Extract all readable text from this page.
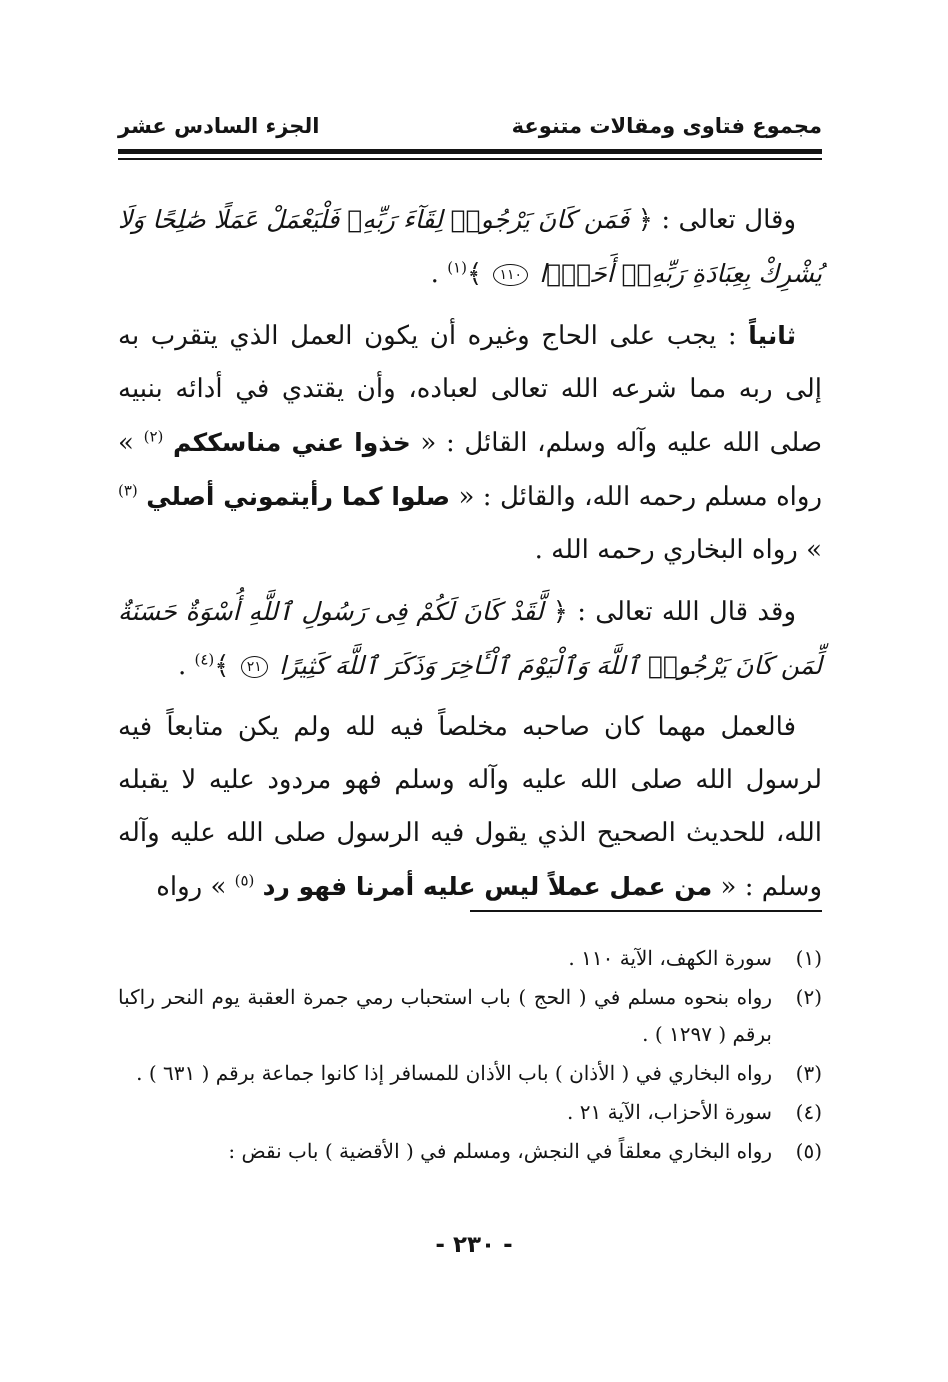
مجموع فتاوى ومقالات متنوعة
الجزء السادس عشر

وقال تعالى : ﴿ فَمَن كَانَ يَرْجُوا۟ لِقَآءَ رَبِّهِۦ فَلْيَعْمَلْ عَمَلًا صَٰلِحًا وَلَا يُشْرِكْ بِعِبَادَةِ رَبِّهِۦٓ أَحَدًۢا ١١٠ ﴾$^{(١)}$ .

ثانياً : يجب على الحاج وغيره أن يكون العمل الذي يتقرب به إلى ربه مما شرعه الله تعالى لعباده، وأن يقتدي في أدائه بنبيه صلى الله عليه وآله وسلم، القائل : « خذوا عني مناسككم $^{(٢)}$ » رواه مسلم رحمه الله، والقائل : « صلوا كما رأيتموني أصلي $^{(٣)}$ » رواه البخاري رحمه الله .

وقد قال الله تعالى : ﴿ لَّقَدْ كَانَ لَكُمْ فِى رَسُولِ ٱللَّهِ أُسْوَةٌ حَسَنَةٌ لِّمَن كَانَ يَرْجُوا۟ ٱللَّهَ وَٱلْيَوْمَ ٱلْـَٔاخِرَ وَذَكَرَ ٱللَّهَ كَثِيرًا ٢١ ﴾$^{(٤)}$ .

فالعمل مهما كان صاحبه مخلصاً فيه لله ولم يكن متابعاً فيه لرسول الله صلى الله عليه وآله وسلم فهو مردود عليه لا يقبله الله، للحديث الصحيح الذي يقول فيه الرسول صلى الله عليه وآله وسلم : « من عمل عملاً ليس عليه أمرنا فهو رد $^{(٥)}$ » رواه

(١)
سورة الكهف، الآية ١١٠ .
(٢)
رواه بنحوه مسلم في ( الحج ) باب استحباب رمي جمرة العقبة يوم النحر راكبا برقم ( ١٢٩٧ ) .
(٣)
رواه البخاري في ( الأذان ) باب الأذان للمسافر إذا كانوا جماعة برقم ( ٦٣١ ) .
(٤)
سورة الأحزاب، الآية ٢١ .
(٥)
رواه البخاري معلقاً في النجش، ومسلم في ( الأقضية ) باب نقض :
- ٢٣٠ -
